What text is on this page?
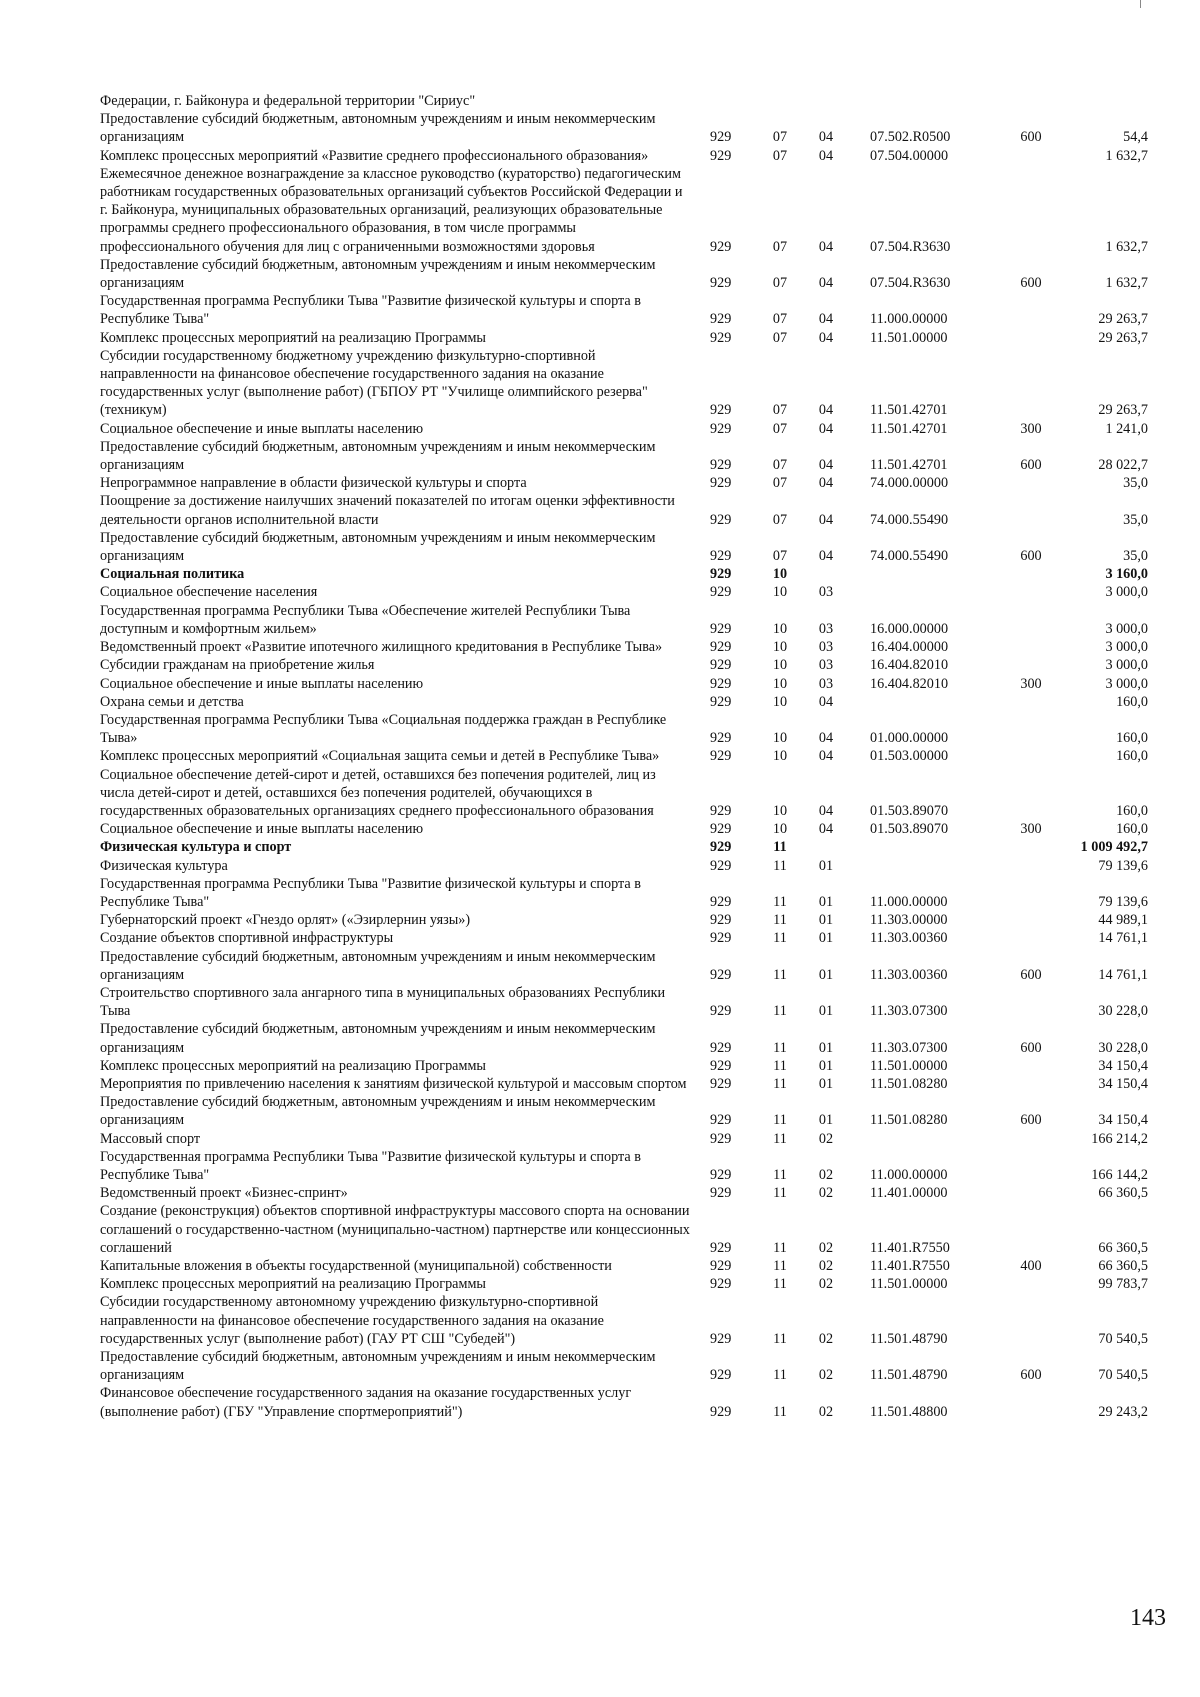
Федерации, г. Байконура и федеральной территории "Сириус"
Предоставление субсидий бюджетным, автономным учреждениям и иным некоммерческим организациям	929	07	04	07.502.R0500	600	54,4
Комплекс процессных мероприятий «Развитие среднего профессионального образования»	929	07	04	07.504.00000	1 632,7
Ежемесячное денежное вознаграждение за классное руководство (кураторство) педагогическим работникам государственных образовательных организаций субъектов Российской Федерации и г. Байконура, муниципальных образовательных организаций, реализующих образовательные программы среднего профессионального образования, в том числе программы профессионального обучения для лиц с ограниченными возможностями здоровья	929	07	04	07.504.R3630	1 632,7
Предоставление субсидий бюджетным, автономным учреждениям и иным некоммерческим организациям	929	07	04	07.504.R3630	600	1 632,7
Государственная программа Республики Тыва "Развитие физической культуры и спорта в Республике Тыва"	929	07	04	11.000.00000	29 263,7
Комплекс процессных мероприятий на реализацию Программы	929	07	04	11.501.00000	29 263,7
Субсидии государственному бюджетному учреждению физкультурно-спортивной направленности на финансовое обеспечение государственного задания на оказание государственных услуг (выполнение работ) (ГБПОУ РТ "Училище олимпийского резерва" (техникум)	929	07	04	11.501.42701	29 263,7
Социальное обеспечение и иные выплаты населению	929	07	04	11.501.42701	300	1 241,0
Предоставление субсидий бюджетным, автономным учреждениям и иным некоммерческим организациям	929	07	04	11.501.42701	600	28 022,7
Непрограммное направление в области физической культуры и спорта	929	07	04	74.000.00000	35,0
Поощрение за достижение наилучших значений показателей по итогам оценки эффективности деятельности органов исполнительной власти	929	07	04	74.000.55490	35,0
Предоставление субсидий бюджетным, автономным учреждениям и иным некоммерческим организациям	929	07	04	74.000.55490	600	35,0
Социальная политика	929	10	3 160,0
Социальное обеспечение населения	929	10	03	3 000,0
Государственная программа Республики Тыва «Обеспечение жителей Республики Тыва доступным и комфортным жильем»	929	10	03	16.000.00000	3 000,0
Ведомственный проект «Развитие ипотечного жилищного кредитования в Республике Тыва»	929	10	03	16.404.00000	3 000,0
Субсидии гражданам на приобретение жилья	929	10	03	16.404.82010	3 000,0
Социальное обеспечение и иные выплаты населению	929	10	03	16.404.82010	300	3 000,0
Охрана семьи и детства	929	10	04	160,0
Государственная программа Республики Тыва «Социальная поддержка граждан в Республике Тыва»	929	10	04	01.000.00000	160,0
Комплекс процессных мероприятий «Социальная защита семьи и детей в Республике Тыва»	929	10	04	01.503.00000	160,0
Социальное обеспечение детей-сирот и детей, оставшихся без попечения родителей, лиц из числа детей-сирот и детей, оставшихся без попечения родителей, обучающихся в государственных образовательных организациях среднего профессионального образования	929	10	04	01.503.89070	160,0
Социальное обеспечение и иные выплаты населению	929	10	04	01.503.89070	300	160,0
Физическая культура и спорт	929	11	1 009 492,7
Физическая культура	929	11	01	79 139,6
Государственная программа Республики Тыва "Развитие физической культуры и спорта в Республике Тыва"	929	11	01	11.000.00000	79 139,6
Губернаторский проект «Гнездо орлят» («Эзирлернин уязы»)	929	11	01	11.303.00000	44 989,1
Создание объектов спортивной инфраструктуры	929	11	01	11.303.00360	14 761,1
Предоставление субсидий бюджетным, автономным учреждениям и иным некоммерческим организациям	929	11	01	11.303.00360	600	14 761,1
Строительство спортивного зала ангарного типа в муниципальных образованиях Республики Тыва	929	11	01	11.303.07300	30 228,0
Предоставление субсидий бюджетным, автономным учреждениям и иным некоммерческим организациям	929	11	01	11.303.07300	600	30 228,0
Комплекс процессных мероприятий на реализацию Программы	929	11	01	11.501.00000	34 150,4
Мероприятия по привлечению населения к занятиям физической культурой и массовым спортом 929	11	01	11.501.08280	34 150,4
Предоставление субсидий бюджетным, автономным учреждениям и иным некоммерческим организациям	929	11	01	11.501.08280	600	34 150,4
Массовый спорт	929	11	02	166 214,2
Государственная программа Республики Тыва "Развитие физической культуры и спорта в Республике Тыва"	929	11	02	11.000.00000	166 144,2
Ведомственный проект «Бизнес-спринт»	929	11	02	11.401.00000	66 360,5
Создание (реконструкция) объектов спортивной инфраструктуры массового спорта на основании соглашений о государственно-частном (муниципально-частном) партнерстве или концессионных соглашений	929	11	02	11.401.R7550	66 360,5
Капитальные вложения в объекты государственной (муниципальной) собственности	929	11	02	11.401.R7550	400	66 360,5
Комплекс процессных мероприятий на реализацию Программы	929	11	02	11.501.00000	99 783,7
Субсидии государственному автономному учреждению физкультурно-спортивной направленности на финансовое обеспечение государственного задания на оказание государственных услуг (выполнение работ) (ГАУ РТ СШ "Субедей")	929	11	02	11.501.48790	70 540,5
Предоставление субсидий бюджетным, автономным учреждениям и иным некоммерческим организациям	929	11	02	11.501.48790	600	70 540,5
Финансовое обеспечение государственного задания на оказание государственных услуг (выполнение работ) (ГБУ "Управление спортмероприятий")	929	11	02	11.501.48800	29 243,2
143
